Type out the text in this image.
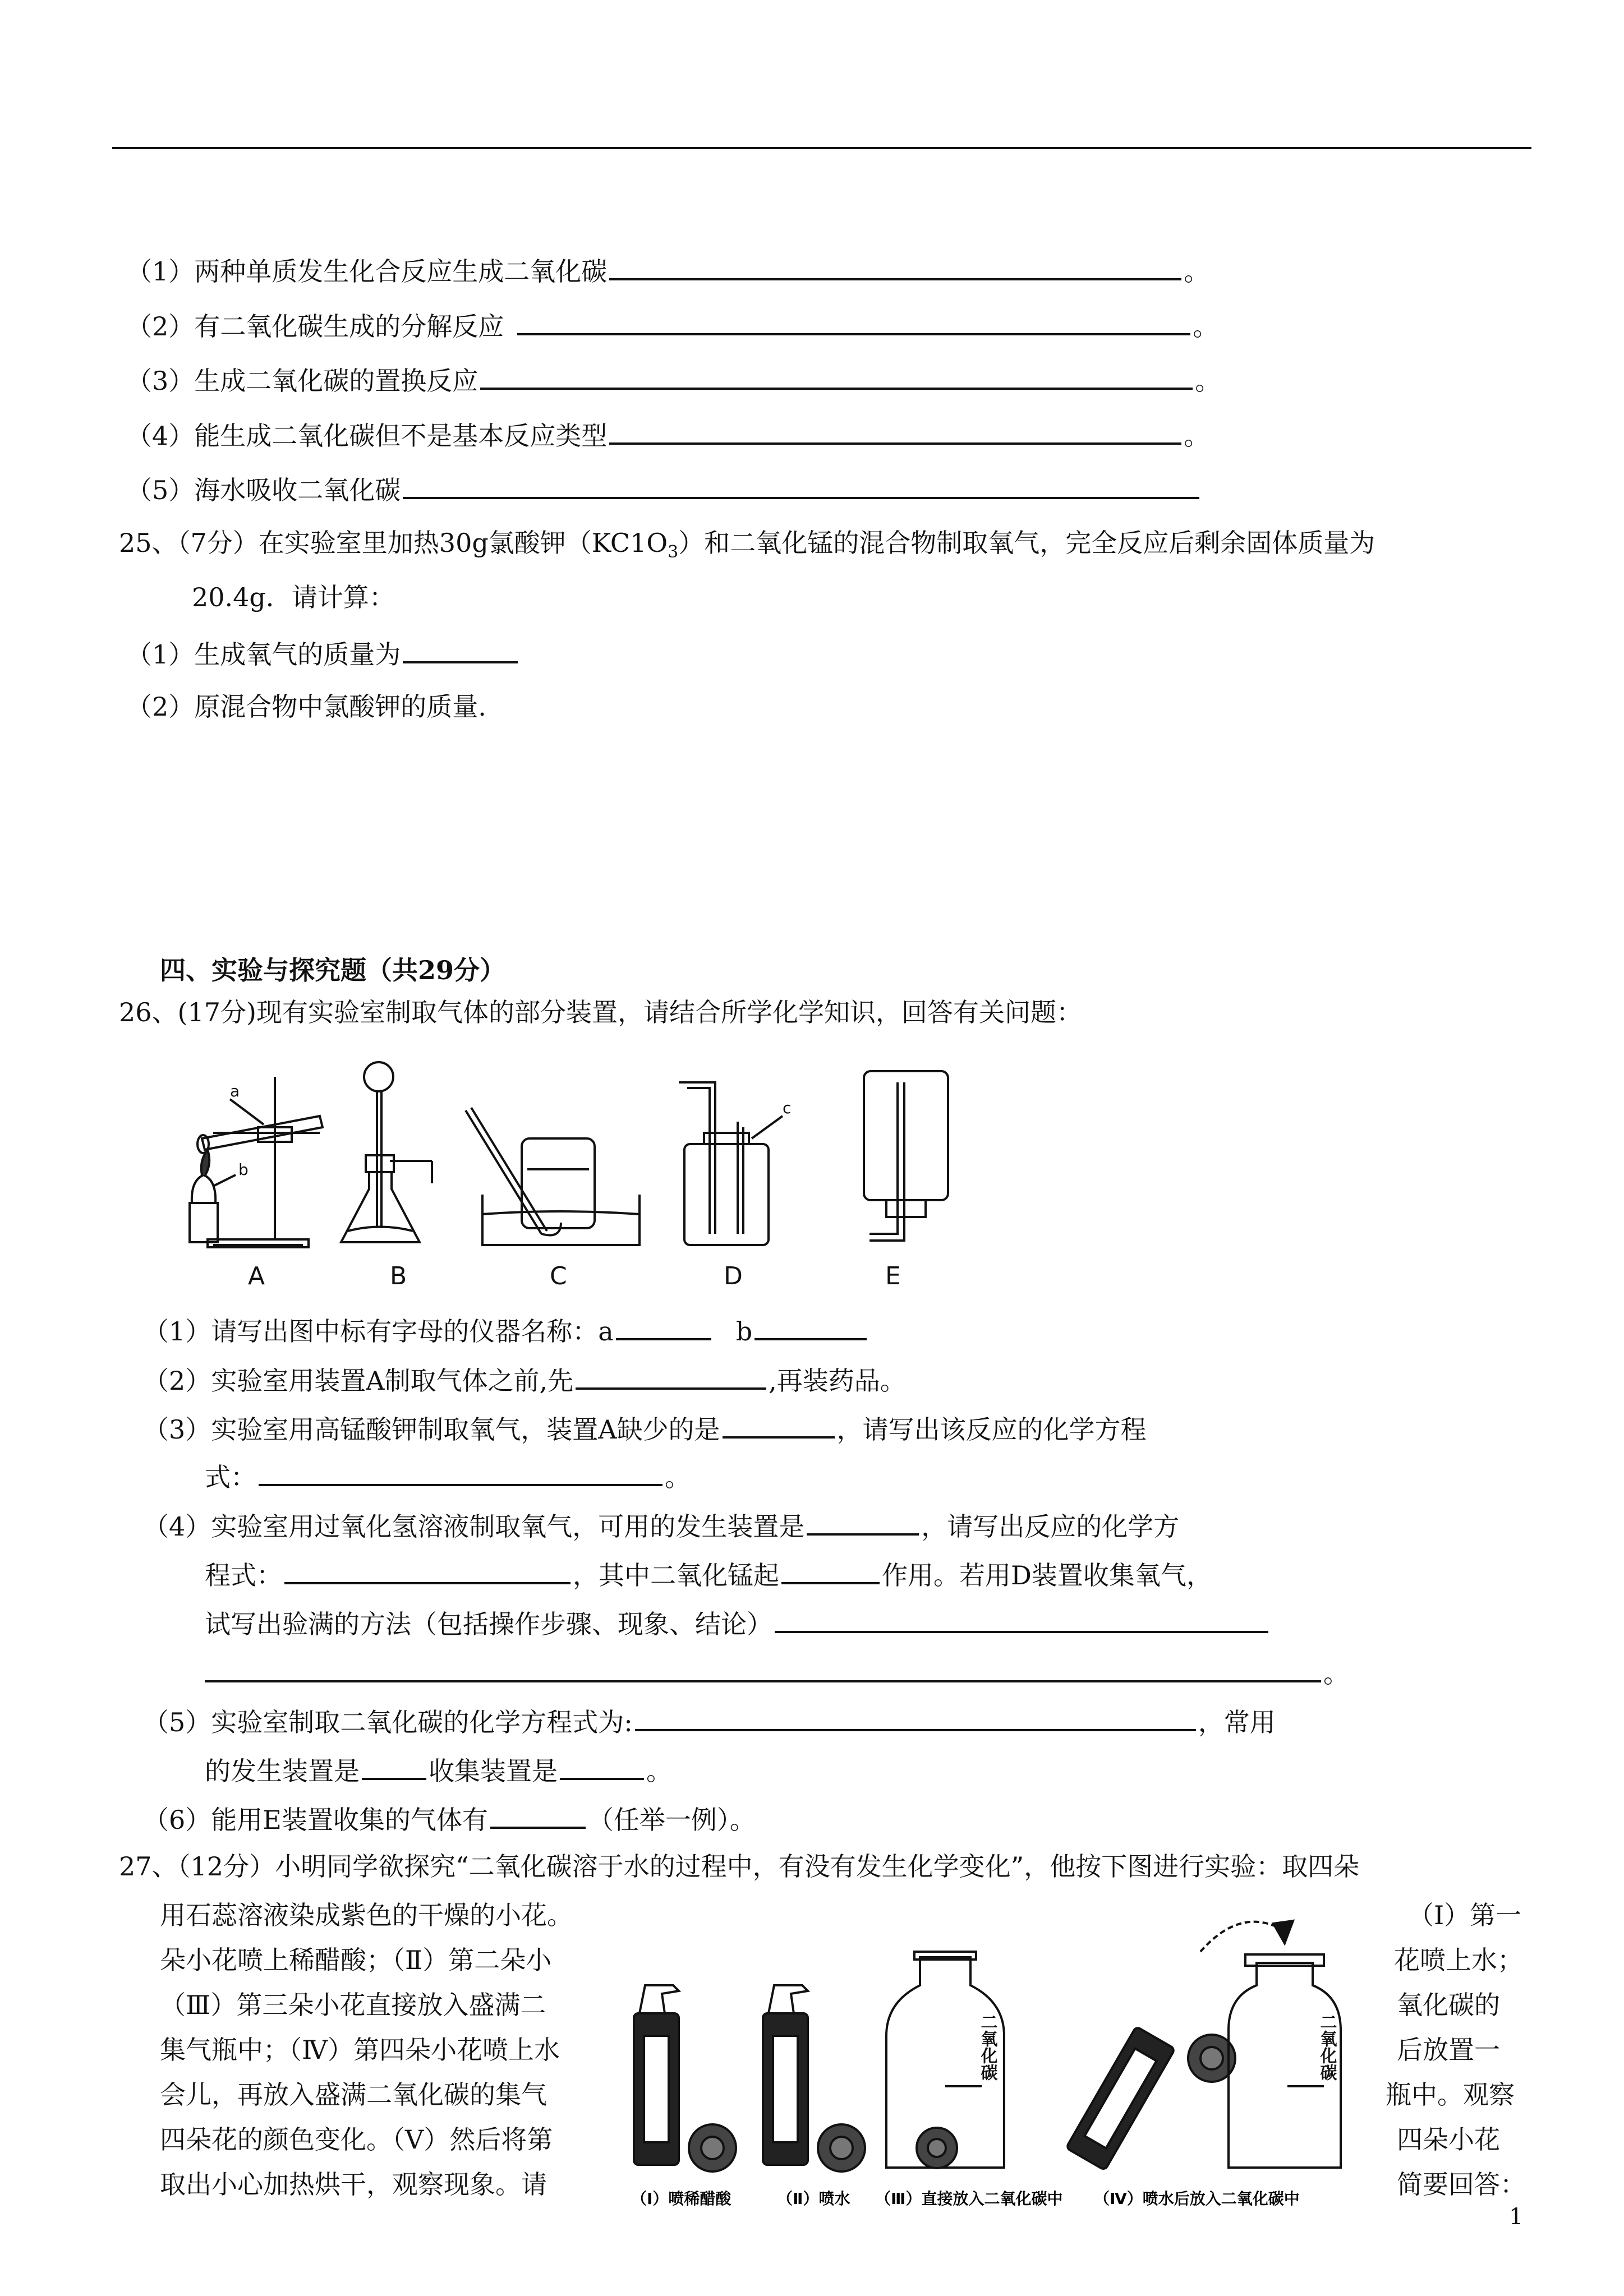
（1）两种单质发生化合反应生成二氧化碳	。
（2）有二氧化碳生成的分解反应	。
（3）生成二氧化碳的置换反应	。
（4）能生成二氧化碳但不是基本反应类型	。
（5）海水吸收二氧化碳
25、（7分）在实验室里加热30g氯酸钾$(KC1O_3)$和二氧化锰的混合物制取氧气，完全反应后剩余固体质量为
20.4g．请计算：
（1）生成氧气的质量为
（2）原混合物中氯酸钾的质量.
四、实验与探究题（共29分）
26、(17分)现有实验室制取气体的部分装置，请结合所学化学知识，回答有关问题：
a
b
c
A	B	C	D	E
（1）请写出图中标有字母的仪器名称：a	b
（2）实验室用装置A制取气体之前,先	,再装药品。
（3）实验室用高锰酸钾制取氧气，装置A缺少的是	，请写出该反应的化学方程
式：	。
（4）实验室用过氧化氢溶液制取氧气，可用的发生装置是	，请写出反应的化学方
程式：	，其中二氧化锰起	作用。若用D装置收集氧气，
试写出验满的方法（包括操作步骤、现象、结论）
。
（5）实验室制取二氧化碳的化学方程式为:	，常用
的发生装置是	收集装置是	。
（6）能用E装置收集的气体有	（任举一例）。
27、（12分）小明同学欲探究“二氧化碳溶于水的过程中，有没有发生化学变化”，他按下图进行实验：取四朵
用石蕊溶液染成紫色的干燥的小花。	（Ⅰ）第一
朵小花喷上稀醋酸；（Ⅱ）第二朵小	花喷上水；
（Ⅲ）第三朵小花直接放入盛满二	氧化碳的
集气瓶中；（Ⅳ）第四朵小花喷上水	后放置一
会儿，再放入盛满二氧化碳的集气	瓶中。观察
四朵花的颜色变化。（Ⅴ）然后将第	四朵小花
取出小心加热烘干，观察现象。请	简要回答：
（Ⅰ）喷稀醋酸	（Ⅱ）喷水 （Ⅲ）直接放入二氧化碳中 （Ⅳ）喷水后放入二氧化碳中
二氧化碳	二氧化碳
1
